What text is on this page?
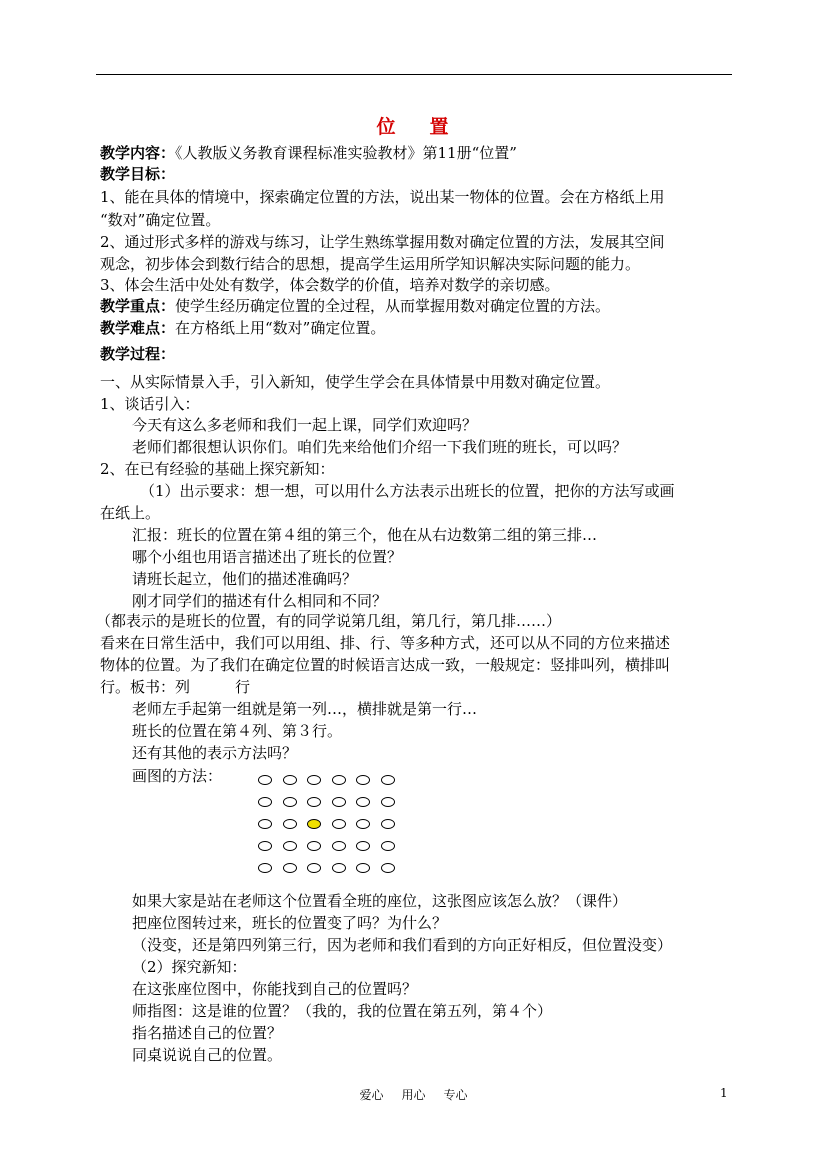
位 置
教学内容：《人教版义务教育课程标准实验教材》第11册“位置”
教学目标：
1、能在具体的情境中，探索确定位置的方法，说出某一物体的位置。会在方格纸上用
“数对”确定位置。
2、通过形式多样的游戏与练习，让学生熟练掌握用数对确定位置的方法，发展其空间
观念，初步体会到数行结合的思想，提高学生运用所学知识解决实际问题的能力。
3、体会生活中处处有数学，体会数学的价值，培养对数学的亲切感。
教学重点：使学生经历确定位置的全过程，从而掌握用数对确定位置的方法。
教学难点：在方格纸上用“数对”确定位置。
教学过程：
一、从实际情景入手，引入新知，使学生学会在具体情景中用数对确定位置。
1、谈话引入：
今天有这么多老师和我们一起上课，同学们欢迎吗？
老师们都很想认识你们。咱们先来给他们介绍一下我们班的班长，可以吗？
2、在已有经验的基础上探究新知：
（1）出示要求：想一想，可以用什么方法表示出班长的位置，把你的方法写或画
在纸上。
汇报：班长的位置在第４组的第三个，他在从右边数第二组的第三排…
哪个小组也用语言描述出了班长的位置？
请班长起立，他们的描述准确吗？
刚才同学们的描述有什么相同和不同？
（都表示的是班长的位置，有的同学说第几组，第几行，第几排……）
看来在日常生活中，我们可以用组、排、行、等多种方式，还可以从不同的方位来描述
物体的位置。为了我们在确定位置的时候语言达成一致，一般规定：竖排叫列，横排叫
行。板书：列　　　行
老师左手起第一组就是第一列…，横排就是第一行…
班长的位置在第４列、第３行。
还有其他的表示方法吗？
画图的方法：
如果大家是站在老师这个位置看全班的座位，这张图应该怎么放？（课件）
把座位图转过来，班长的位置变了吗？为什么？
（没变，还是第四列第三行，因为老师和我们看到的方向正好相反，但位置没变）
（2）探究新知：
在这张座位图中，你能找到自己的位置吗？
师指图：这是谁的位置？（我的，我的位置在第五列，第４个）
指名描述自己的位置？
同桌说说自己的位置。
爱心 用心 专心	1
